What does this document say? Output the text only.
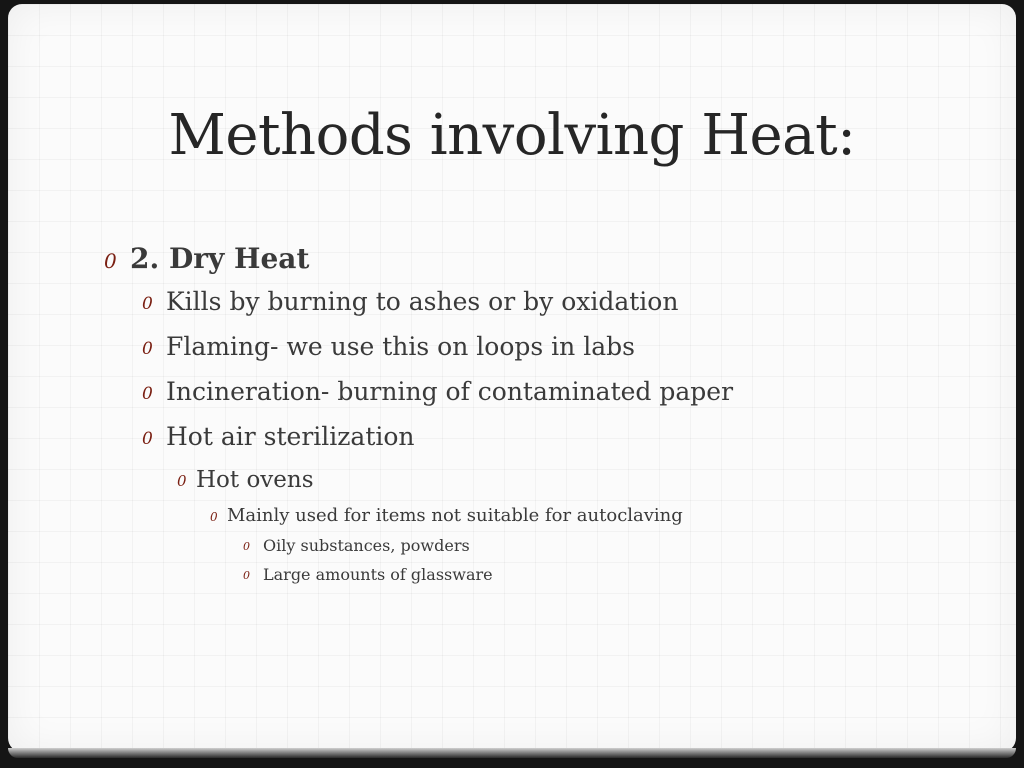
Methods involving Heat:
0 2. Dry Heat
0 Kills by burning to ashes or by oxidation
0 Flaming- we use this on loops in labs
0 Incineration- burning of contaminated paper
0 Hot air sterilization
0 Hot ovens
0 Mainly used for items not suitable for autoclaving
0 Oily substances, powders
0 Large amounts of glassware
